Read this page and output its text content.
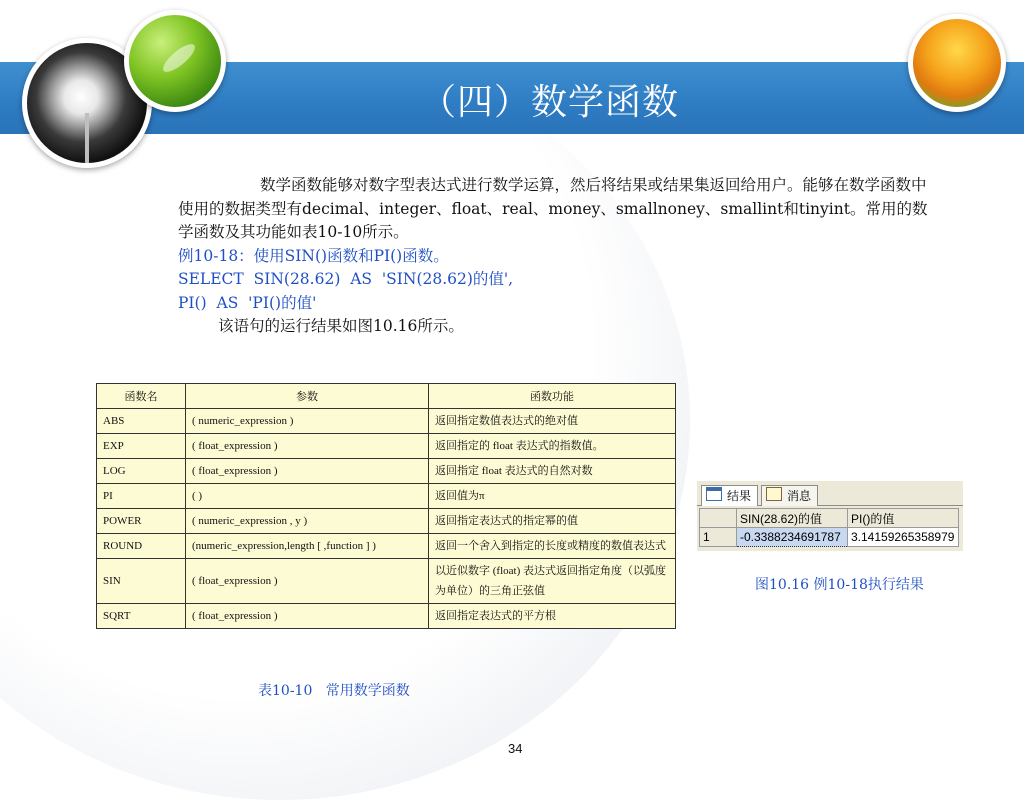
（四）数学函数

数学函数能够对数字型表达式进行数学运算，然后将结果或结果集返回给用户。能够在数学函数中使用的数据类型有decimal、integer、float、real、money、smallnoney、smallint和tinyint。常用的数学函数及其功能如表10-10所示。

例10-18：使用SIN()函数和PI()函数。

SELECT  SIN(28.62)  AS  'SIN(28.62)的值',

PI()  AS  'PI()的值'

该语句的运行结果如图10.16所示。

函数名	参数	函数功能
ABS	( numeric_expression )	返回指定数值表达式的绝对值
EXP	( float_expression )	返回指定的 float 表达式的指数值。
LOG	( float_expression )	返回指定 float 表达式的自然对数
PI	( )	返回值为π
POWER	( numeric_expression , y )	返回指定表达式的指定幂的值
ROUND	(numeric_expression,length [ ,function ] )	返回一个舍入到指定的长度或精度的数值表达式
SIN	( float_expression )	以近似数字 (float) 表达式返回指定角度（以弧度为单位）的三角正弦值
SQRT	( float_expression )	返回指定表达式的平方根
表10-10   常用数学函数
结果	消息
	SIN(28.62)的值	PI()的值
1	-0.3388234691787	3.14159265358979
图10.16 例10-18执行结果
34
